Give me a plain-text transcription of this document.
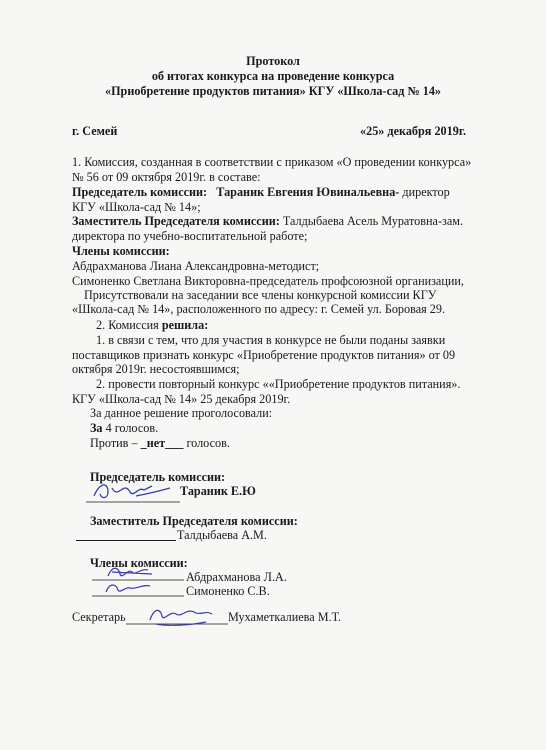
Протокол
об итогах конкурса на проведение конкурса
«Приобретение продуктов питания» КГУ «Школа-сад № 14»
г. Семей	«25» декабря 2019г.
1. Комиссия, созданная в соответствии с приказом «О проведении конкурса»
№ 56 от 09 октября 2019г. в составе:
Председатель комиссии: Тараник Евгения Ювинальевна- директор
КГУ «Школа-сад № 14»;
Заместитель Председателя комиссии: Талдыбаева Асель Муратовна-зам.
директора по учебно-воспитательной работе;
Члены комиссии:
Абдрахманова Лиана Александровна-методист;
Симоненко Светлана Викторовна-председатель профсоюзной организации,
Присутствовали на заседании все члены конкурсной комиссии КГУ
«Школа-сад № 14», расположенного по адресу: г. Семей ул. Боровая 29.
2. Комиссия решила:
1. в связи с тем, что для участия в конкурсе не были поданы заявки
поставщиков признать конкурс «Приобретение продуктов питания» от 09
октября 2019г. несостоявшимся;
2. провести повторный конкурс ««Приобретение продуктов питания».
КГУ «Школа-сад № 14» 25 декабря 2019г.
За данное решение проголосовали:
За 4 голосов.
Против – _нет___ голосов.
Председатель комиссии:
Тараник Е.Ю
Заместитель Председателя комиссии:
Талдыбаева А.М.
Члены комиссии:
Абдрахманова Л.А.
Симоненко С.В.
Секретарь	Мухаметкалиева М.Т.
